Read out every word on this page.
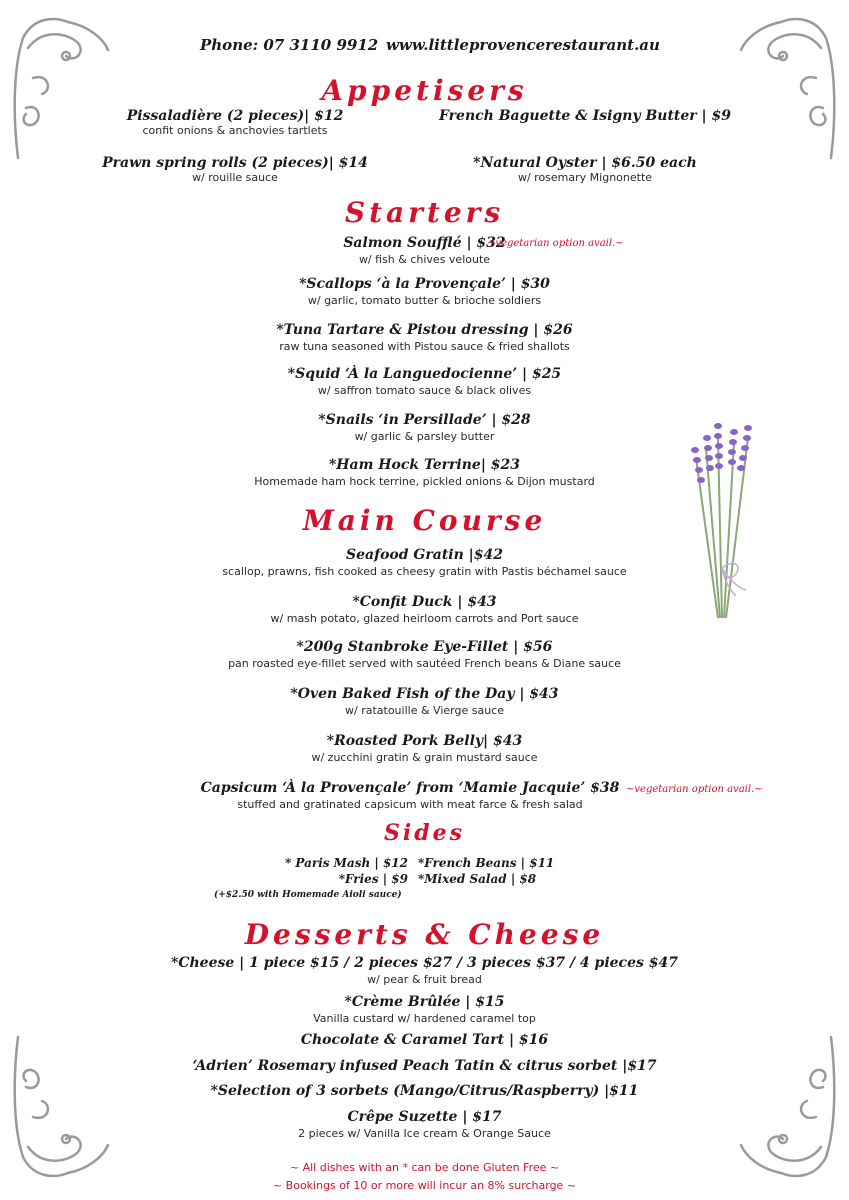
Phone: 07 3110 9912 www.littleprovencerestaurant.au
Appetisers
Pissaladière (2 pieces)| $12
confit onions & anchovies tartlets
French Baguette & Isigny Butter | $9
Prawn spring rolls (2 pieces)| $14
w/ rouille sauce
*Natural Oyster | $6.50 each
w/ rosemary Mignonette
Starters
Salmon Soufflé | $32
w/ fish & chives veloute
~vegetarian option avail.~
*Scallops ‘à la Provençale’ | $30
w/ garlic, tomato butter & brioche soldiers
*Tuna Tartare & Pistou dressing | $26
raw tuna seasoned with Pistou sauce & fried shallots
*Squid ‘À la Languedocienne’ | $25
w/ saffron tomato sauce & black olives
*Snails ‘in Persillade’ | $28
w/ garlic & parsley butter
*Ham Hock Terrine| $23
Homemade ham hock terrine, pickled onions & Dijon mustard
Main Course
Seafood Gratin |$42
scallop, prawns, fish cooked as cheesy gratin with Pastis béchamel sauce
*Confit Duck | $43
w/ mash potato, glazed heirloom carrots and Port sauce
*200g Stanbroke Eye-Fillet | $56
pan roasted eye-fillet served with sautéed French beans & Diane sauce
*Oven Baked Fish of the Day | $43
w/ ratatouille & Vierge sauce
*Roasted Pork Belly| $43
w/ zucchini gratin & grain mustard sauce
Capsicum ‘À la Provençale’ from ‘Mamie Jacquie’ $38
stuffed and gratinated capsicum with meat farce & fresh salad
~vegetarian option avail.~
Sides
* Paris Mash | $12 *French Beans | $11
*Fries | $9 *Mixed Salad | $8
(+$2.50 with Homemade Aioli sauce)
Desserts & Cheese
*Cheese | 1 piece $15 / 2 pieces $27 / 3 pieces $37 / 4 pieces $47
w/ pear & fruit bread
*Crème Brûlée | $15
Vanilla custard w/ hardened caramel top
Chocolate & Caramel Tart | $16
‘Adrien’ Rosemary infused Peach Tatin & citrus sorbet |$17
*Selection of 3 sorbets (Mango/Citrus/Raspberry) |$11
Crêpe Suzette | $17
2 pieces w/ Vanilla Ice cream & Orange Sauce
~ All dishes with an * can be done Gluten Free ~
~ Bookings of 10 or more will incur an 8% surcharge ~
